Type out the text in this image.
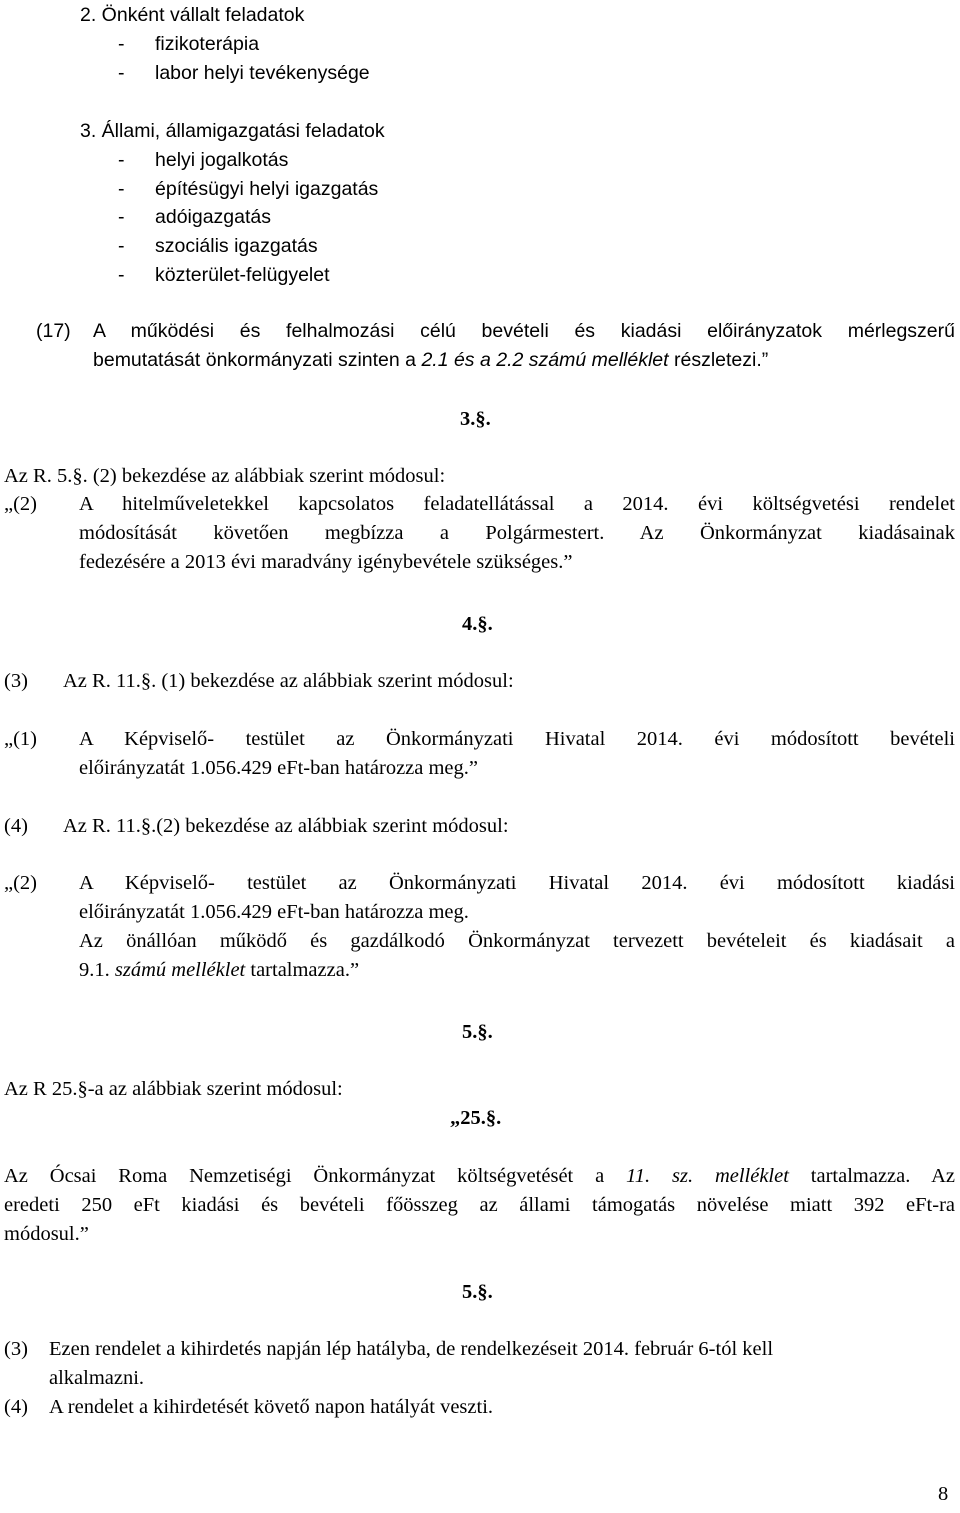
2. Önként vállalt feladatok
- fizikoterápia
- labor helyi tevékenysége
3. Állami, államigazgatási feladatok
- helyi jogalkotás
- építésügyi helyi igazgatás
- adóigazgatás
- szociális igazgatás
- közterület-felügyelet
(17) A működési és felhalmozási célú bevételi és kiadási előirányzatok mérlegszerű
bemutatását önkormányzati szinten a 2.1 és a 2.2 számú melléklet részletezi.”
3.§.
Az R. 5.§. (2) bekezdése az alábbiak szerint módosul:
„(2) A hitelműveletekkel kapcsolatos feladatellátással a 2014. évi költségvetési rendelet
módosítását követően megbízza a Polgármestert. Az Önkormányzat kiadásainak
fedezésére a 2013 évi maradvány igénybevétele szükséges.”
4.§.
(3) Az R. 11.§. (1) bekezdése az alábbiak szerint módosul:
„(1) A Képviselő- testület az Önkormányzati Hivatal 2014. évi módosított bevételi
előirányzatát 1.056.429 eFt-ban határozza meg.”
(4) Az R. 11.§.(2) bekezdése az alábbiak szerint módosul:
„(2) A Képviselő- testület az Önkormányzati Hivatal 2014. évi módosított kiadási
előirányzatát 1.056.429 eFt-ban határozza meg.
Az önállóan működő és gazdálkodó Önkormányzat tervezett bevételeit és kiadásait a
9.1. számú melléklet tartalmazza.”
5.§.
Az R 25.§-a az alábbiak szerint módosul:
„25.§.
Az Ócsai Roma Nemzetiségi Önkormányzat költségvetését a 11. sz. melléklet tartalmazza. Az
eredeti 250 eFt kiadási és bevételi főösszeg az állami támogatás növelése miatt 392 eFt-ra
módosul.”
5.§.
(3) Ezen rendelet a kihirdetés napján lép hatályba, de rendelkezéseit 2014. február 6-tól kell
alkalmazni.
(4) A rendelet a kihirdetését követő napon hatályát veszti.
8
